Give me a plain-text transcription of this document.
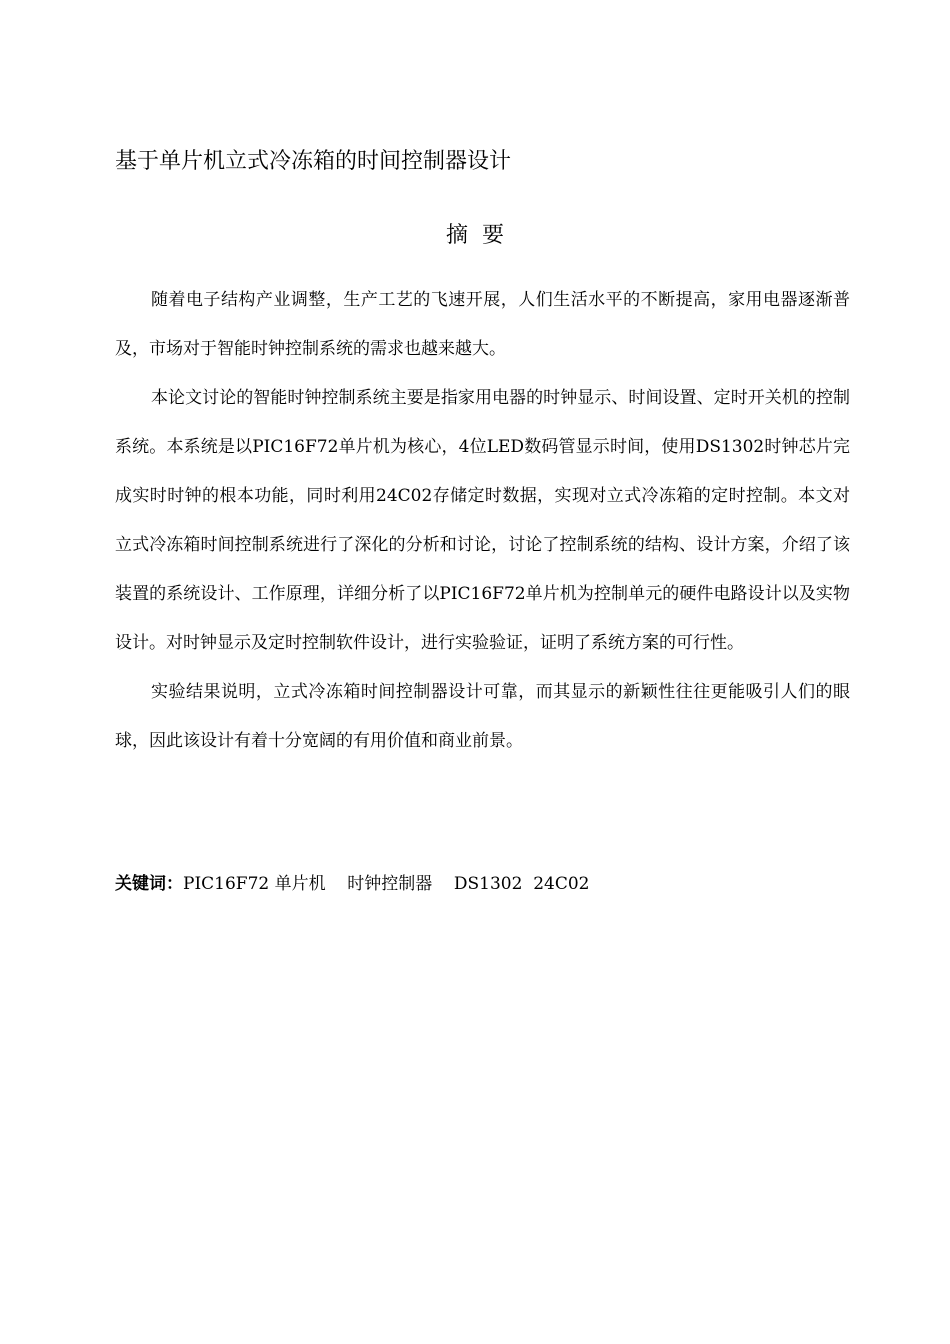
基于单片机立式冷冻箱的时间控制器设计
摘要

随着电子结构产业调整，生产工艺的飞速开展，人们生活水平的不断提高，家用电器逐渐普及，市场对于智能时钟控制系统的需求也越来越大。

本论文讨论的智能时钟控制系统主要是指家用电器的时钟显示、时间设置、定时开关机的控制系统。本系统是以PIC16F72单片机为核心，4位LED数码管显示时间，使用DS1302时钟芯片完成实时时钟的根本功能，同时利用24C02存储定时数据，实现对立式冷冻箱的定时控制。本文对立式冷冻箱时间控制系统进行了深化的分析和讨论，讨论了控制系统的结构、设计方案，介绍了该装置的系统设计、工作原理，详细分析了以PIC16F72单片机为控制单元的硬件电路设计以及实物设计。对时钟显示及定时控制软件设计，进行实验验证，证明了系统方案的可行性。

实验结果说明，立式冷冻箱时间控制器设计可靠，而其显示的新颖性往往更能吸引人们的眼球，因此该设计有着十分宽阔的有用价值和商业前景。

关键词：PIC16F72 单片机    时钟控制器    DS1302  24C02
